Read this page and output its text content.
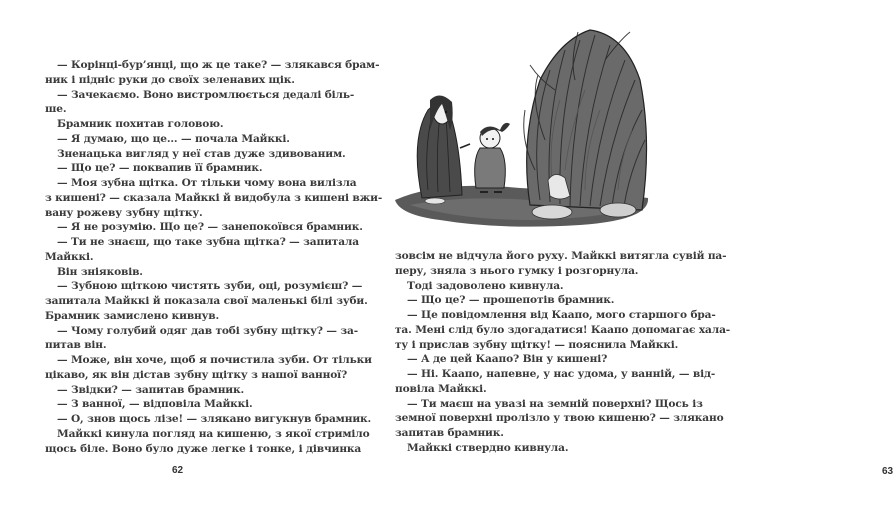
— Корінці-бур’янці, що ж це таке? — злякався брам-
ник і підніс руки до своїх зеленавих щік.
— Зачекаємо. Воно вистромлюється дедалі біль-
ше.
Брамник похитав головою.
— Я думаю, що це... — почала Майккі.
Зненацька вигляд у неї став дуже здивованим.
— Що це? — поквапив її брамник.
— Моя зубна щітка. От тільки чому вона вилізла
з кишені? — сказала Майккі й видобула з кишені вжи-
вану рожеву зубну щітку.
— Я не розумію. Що це? — занепокоївся брамник.
— Ти не знаєш, що таке зубна щітка? — запитала
Майккі.
Він зніяковів.
— Зубною щіткою чистять зуби, оці, розумієш? —
запитала Майккі й показала свої маленькі білі зуби.
Брамник замислено кивнув.
— Чому голубий одяг дав тобі зубну щітку? — за-
питав він.
— Може, він хоче, щоб я почистила зуби. От тільки
цікаво, як він дістав зубну щітку з нашої ванної?
— Звідки? — запитав брамник.
— З ванної, — відповіла Майккі.
— О, знов щось лізе! — злякано вигукнув брамник.
Майккі кинула погляд на кишеню, з якої стриміло
щось біле. Воно було дуже легке і тонке, і дівчинка
62	63
зовсім не відчула його руху. Майккі витягла сувій па-
перу, зняла з нього гумку і розгорнула.
Тоді задоволено кивнула.
— Що це? — прошепотів брамник.
— Це повідомлення від Каапо, мого старшого бра-
та. Мені слід було здогадатися! Каапо допомагає хала-
ту і прислав зубну щітку! — пояснила Майккі.
— А де цей Каапо? Він у кишені?
— Ні. Каапо, напевне, у нас удома, у ванній, — від-
повіла Майккі.
— Ти маєш на увазі на земній поверхні? Щось із
земної поверхні пролізло у твою кишеню? — злякано
запитав брамник.
Майккі ствердно кивнула.
